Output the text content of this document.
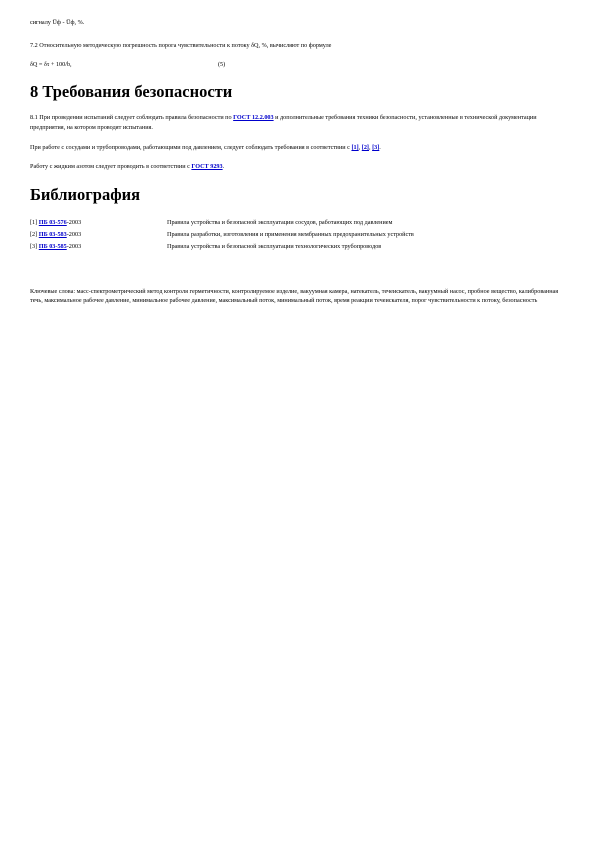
сигналу U̅ф - U̅ф, %.
7.2 Относительную методическую погрешность порога чувствительности к потоку δQ, %, вычисляют по формуле
δQ = δτ + 100/b,	(5)
8 Требования безопасности
8.1 При проведении испытаний следует соблюдать правила безопасности по ГОСТ 12.2.003 и дополнительные требования техники безопасности, установленные в технической документации предприятия, на котором проводят испытания.
При работе с сосудами и трубопроводами, работающими под давлением, следует соблюдать требования в соответствии с [1], [2], [3].
Работу с жидким азотом следует проводить в соответствии с ГОСТ 9293.
Библиография
[1] ПБ 03-576-2003	Правила устройства и безопасной эксплуатации сосудов, работающих под давлением
[2] ПБ 03-583-2003	Правила разработки, изготовления и применения мембранных предохранительных устройств
[3] ПБ 03-585-2003	Правила устройства и безопасной эксплуатации технологических трубопроводов
Ключевые слова: масс-спектрометрический метод контроля герметичности, контролируемое изделие, вакуумная камера, натекатель, течеискатель, вакуумный насос, пробное вещество, калиброванная течь, максимальное рабочее давление, минимальное рабочее давление, максимальный поток, минимальный поток, время реакции течеискателя, порог чувствительности к потоку, безопасность
